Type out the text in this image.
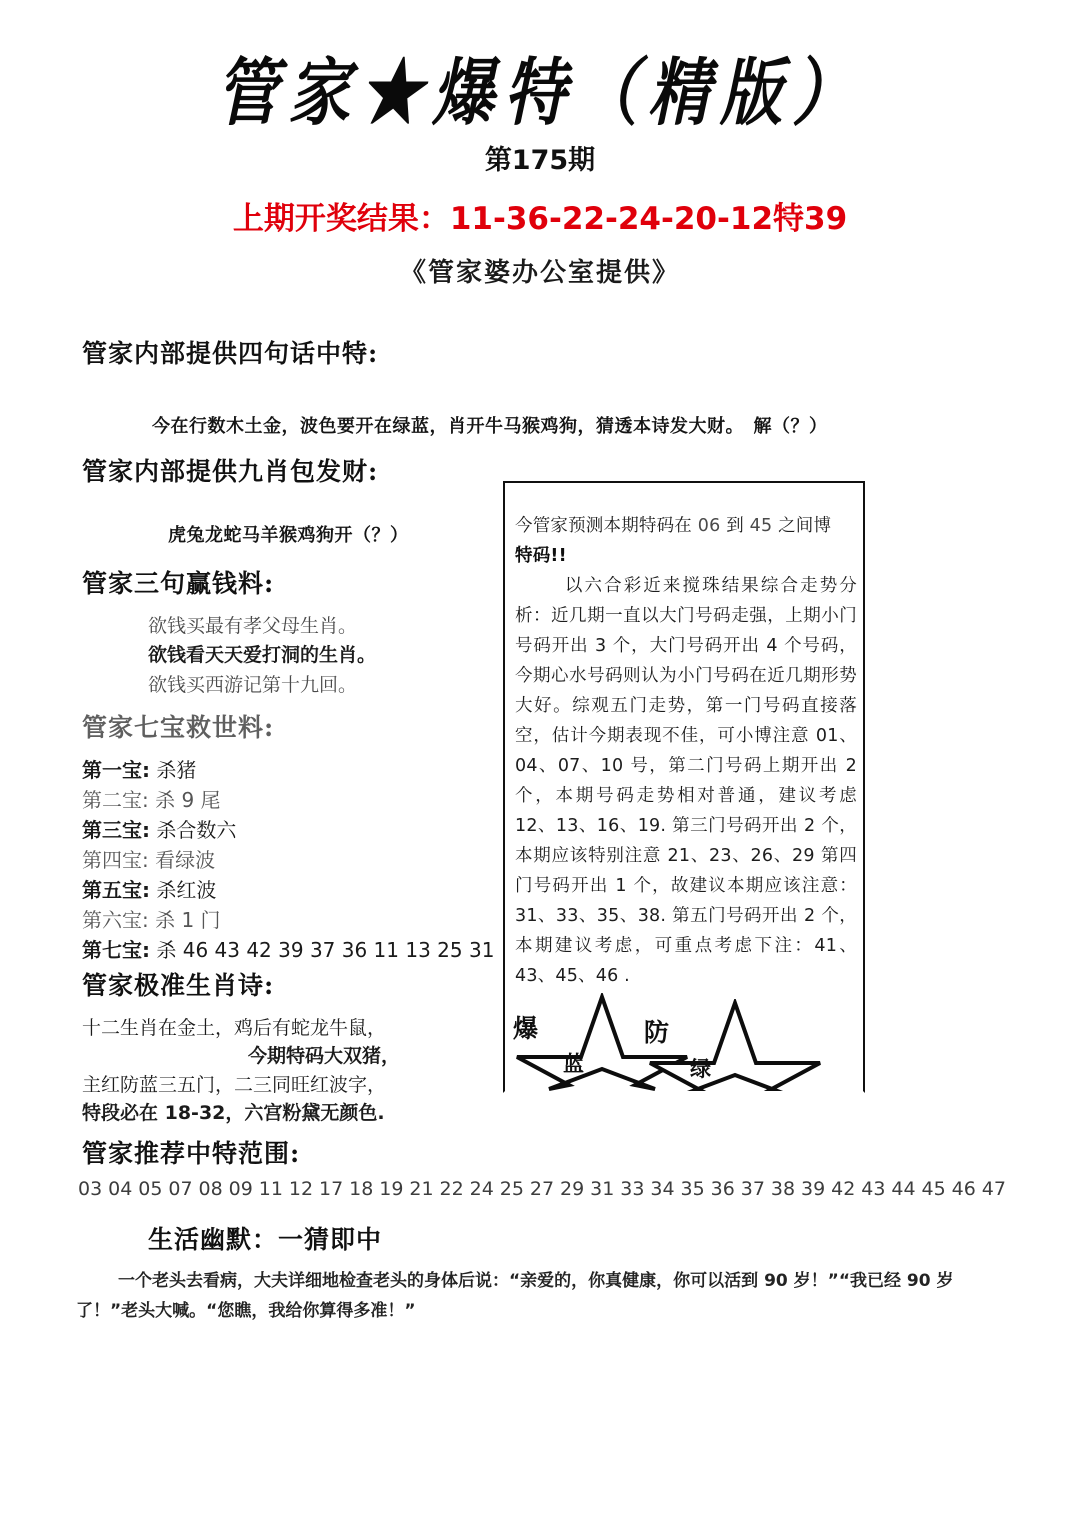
管家★爆特（精版）
第175期
上期开奖结果：11-36-22-24-20-12特39
《管家婆办公室提供》
管家内部提供四句话中特:
今在行数木土金，波色要开在绿蓝，肖开牛马猴鸡狗，猜透本诗发大财。　解（？）
管家内部提供九肖包发财:
虎兔龙蛇马羊猴鸡狗开（？）
管家三句赢钱料:
欲钱买最有孝父母生肖。
欲钱看天天爱打洞的生肖。
欲钱买西游记第十九回。
管家七宝救世料:
第一宝: 杀猪
第二宝: 杀 9 尾
第三宝: 杀合数六
第四宝: 看绿波
第五宝: 杀红波
第六宝: 杀 1 门
第七宝: 杀 46 43 42 39 37 36 11 13 25 31
管家极准生肖诗:
十二生肖在金土，鸡后有蛇龙牛鼠，
今期特码大双猪，
主红防蓝三五门，二三同旺红波字，
特段必在 18-32，六宫粉黛无颜色.
管家推荐中特范围:
03 04 05 07 08 09 11 12 17 18 19 21 22 24 25 27 29 31 33 34 35 36 37 38 39 42 43 44 45 46 47
今管家预测本期特码在 06 到 45 之间博
特码!!
以六合彩近来搅珠结果综合走势分析：近几期一直以大门号码走强，上期小门号码开出 3 个，大门号码开出 4 个号码，今期心水号码则认为小门号码在近几期形势大好。综观五门走势，第一门号码直接落空，估计今期表现不佳，可小博注意 01、04、07、10 号，第二门号码上期开出 2 个，本期号码走势相对普通，建议考虑 12、13、16、19. 第三门号码开出 2 个，本期应该特别注意 21、23、26、29 第四门号码开出 1 个，故建议本期应该注意：31、33、35、38. 第五门号码开出 2 个，本期建议考虑，可重点考虑下注：41、43、45、46 .
爆
蓝
防
绿
生活幽默：一猜即中
一个老头去看病，大夫详细地检查老头的身体后说：“亲爱的，你真健康，你可以活到 90 岁！”“我已经 90 岁了！”老头大喊。“您瞧，我给你算得多准！”
